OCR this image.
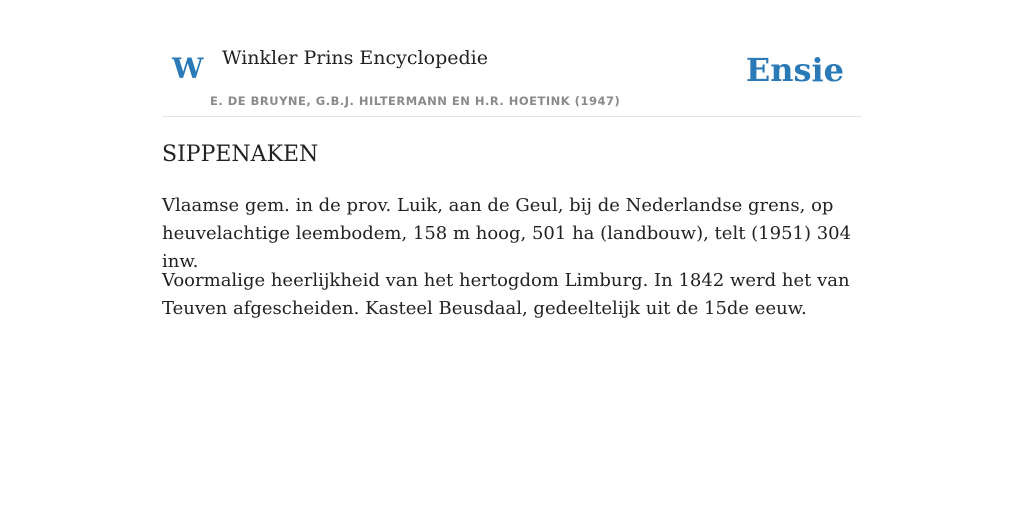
W Winkler Prins Encyclopedie
E. DE BRUYNE, G.B.J. HILTERMANN EN H.R. HOETINK (1947)
Ensie
SIPPENAKEN

Vlaamse gem. in de prov. Luik, aan de Geul, bij de Nederlandse grens, op heuvelachtige leembodem, 158 m hoog, 501 ha (landbouw), telt (1951) 304 inw.

Voormalige heerlijkheid van het hertogdom Limburg. In 1842 werd het van Teuven afgescheiden. Kasteel Beusdaal, gedeeltelijk uit de 15de eeuw.
